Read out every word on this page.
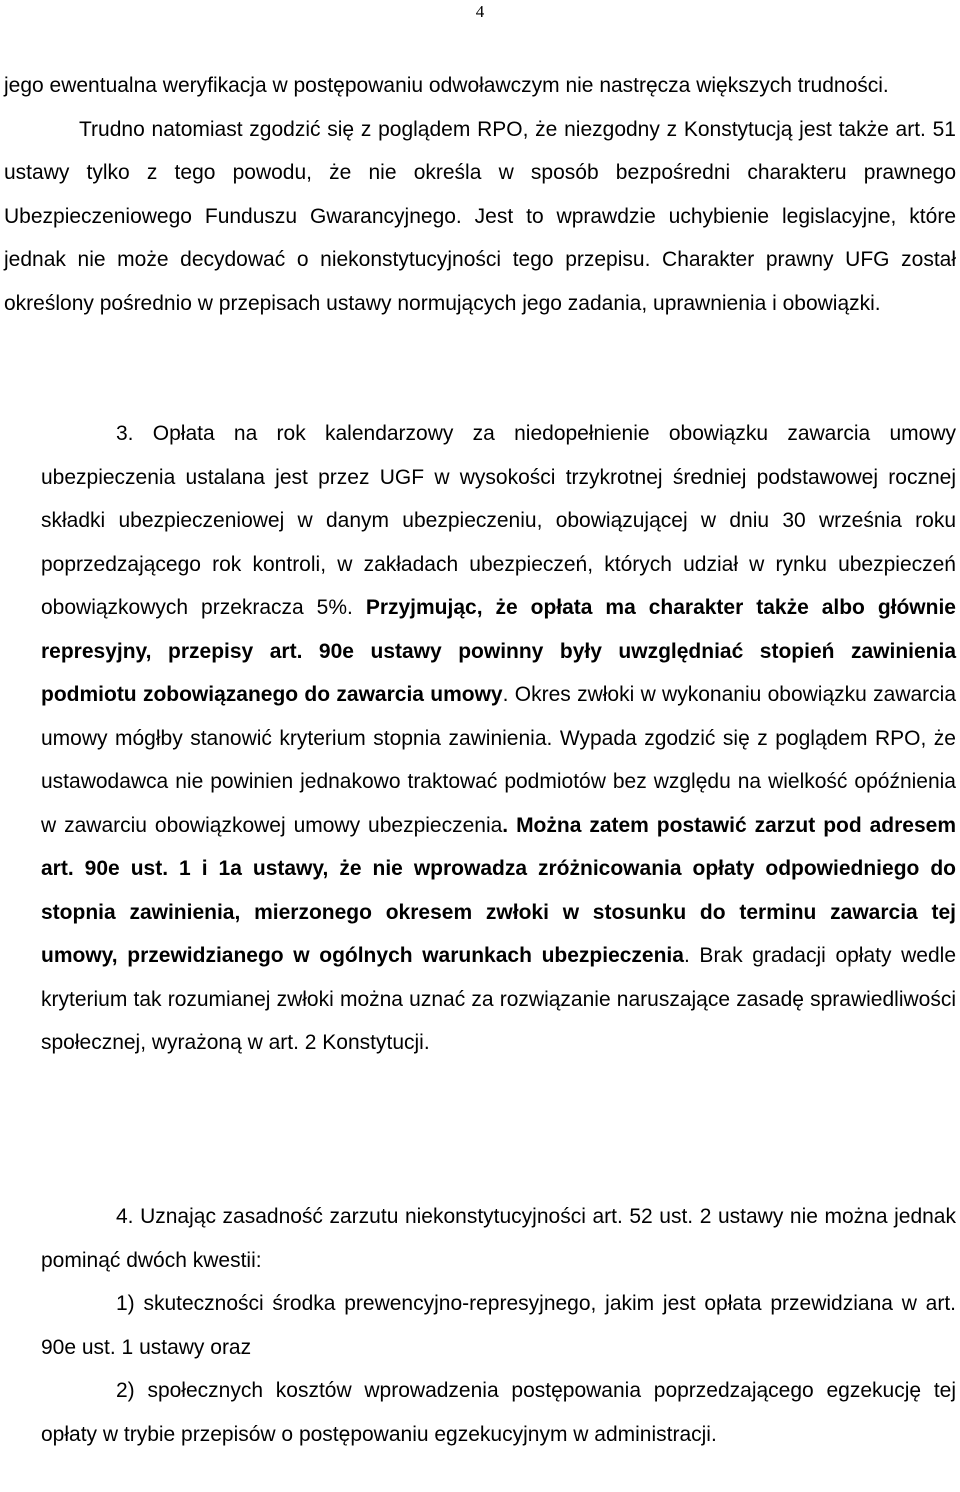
4

jego ewentualna weryfikacja w postępowaniu odwoławczym nie nastręcza większych trudności.

Trudno natomiast zgodzić się z poglądem RPO, że niezgodny z Konstytucją jest także art. 51 ustawy tylko z tego powodu, że nie określa w sposób bezpośredni charakteru prawnego Ubezpieczeniowego Funduszu Gwarancyjnego. Jest to wprawdzie uchybienie legislacyjne, które jednak nie może decydować o niekonstytucyjności tego przepisu. Charakter prawny UFG został określony pośrednio w przepisach ustawy normujących jego zadania, uprawnienia i obowiązki.

3. Opłata na rok kalendarzowy za niedopełnienie obowiązku zawarcia umowy ubezpieczenia ustalana jest przez UGF w wysokości trzykrotnej średniej podstawowej rocznej składki ubezpieczeniowej w danym ubezpieczeniu, obowiązującej w dniu 30 września roku poprzedzającego rok kontroli, w zakładach ubezpieczeń, których udział w rynku ubezpieczeń obowiązkowych przekracza 5%. Przyjmując, że opłata ma charakter także albo głównie represyjny, przepisy art. 90e ustawy powinny były uwzględniać stopień zawinienia podmiotu zobowiązanego do zawarcia umowy. Okres zwłoki w wykonaniu obowiązku zawarcia umowy mógłby stanowić kryterium stopnia zawinienia. Wypada zgodzić się z poglądem RPO, że ustawodawca nie powinien jednakowo traktować podmiotów bez względu na wielkość opóźnienia w zawarciu obowiązkowej umowy ubezpieczenia. Można zatem postawić zarzut pod adresem art. 90e ust. 1 i 1a ustawy, że nie wprowadza zróżnicowania opłaty odpowiedniego do stopnia zawinienia, mierzonego okresem zwłoki w stosunku do terminu zawarcia tej umowy, przewidzianego w ogólnych warunkach ubezpieczenia. Brak gradacji opłaty wedle kryterium tak rozumianej zwłoki można uznać za rozwiązanie naruszające zasadę sprawiedliwości społecznej, wyrażoną w art. 2 Konstytucji.

4. Uznając zasadność zarzutu niekonstytucyjności art. 52 ust. 2 ustawy nie można jednak pominąć dwóch kwestii:

1) skuteczności środka prewencyjno-represyjnego, jakim jest opłata przewidziana w art. 90e ust. 1 ustawy oraz

2) społecznych kosztów wprowadzenia postępowania poprzedzającego egzekucję tej opłaty w trybie przepisów o postępowaniu egzekucyjnym w administracji.
